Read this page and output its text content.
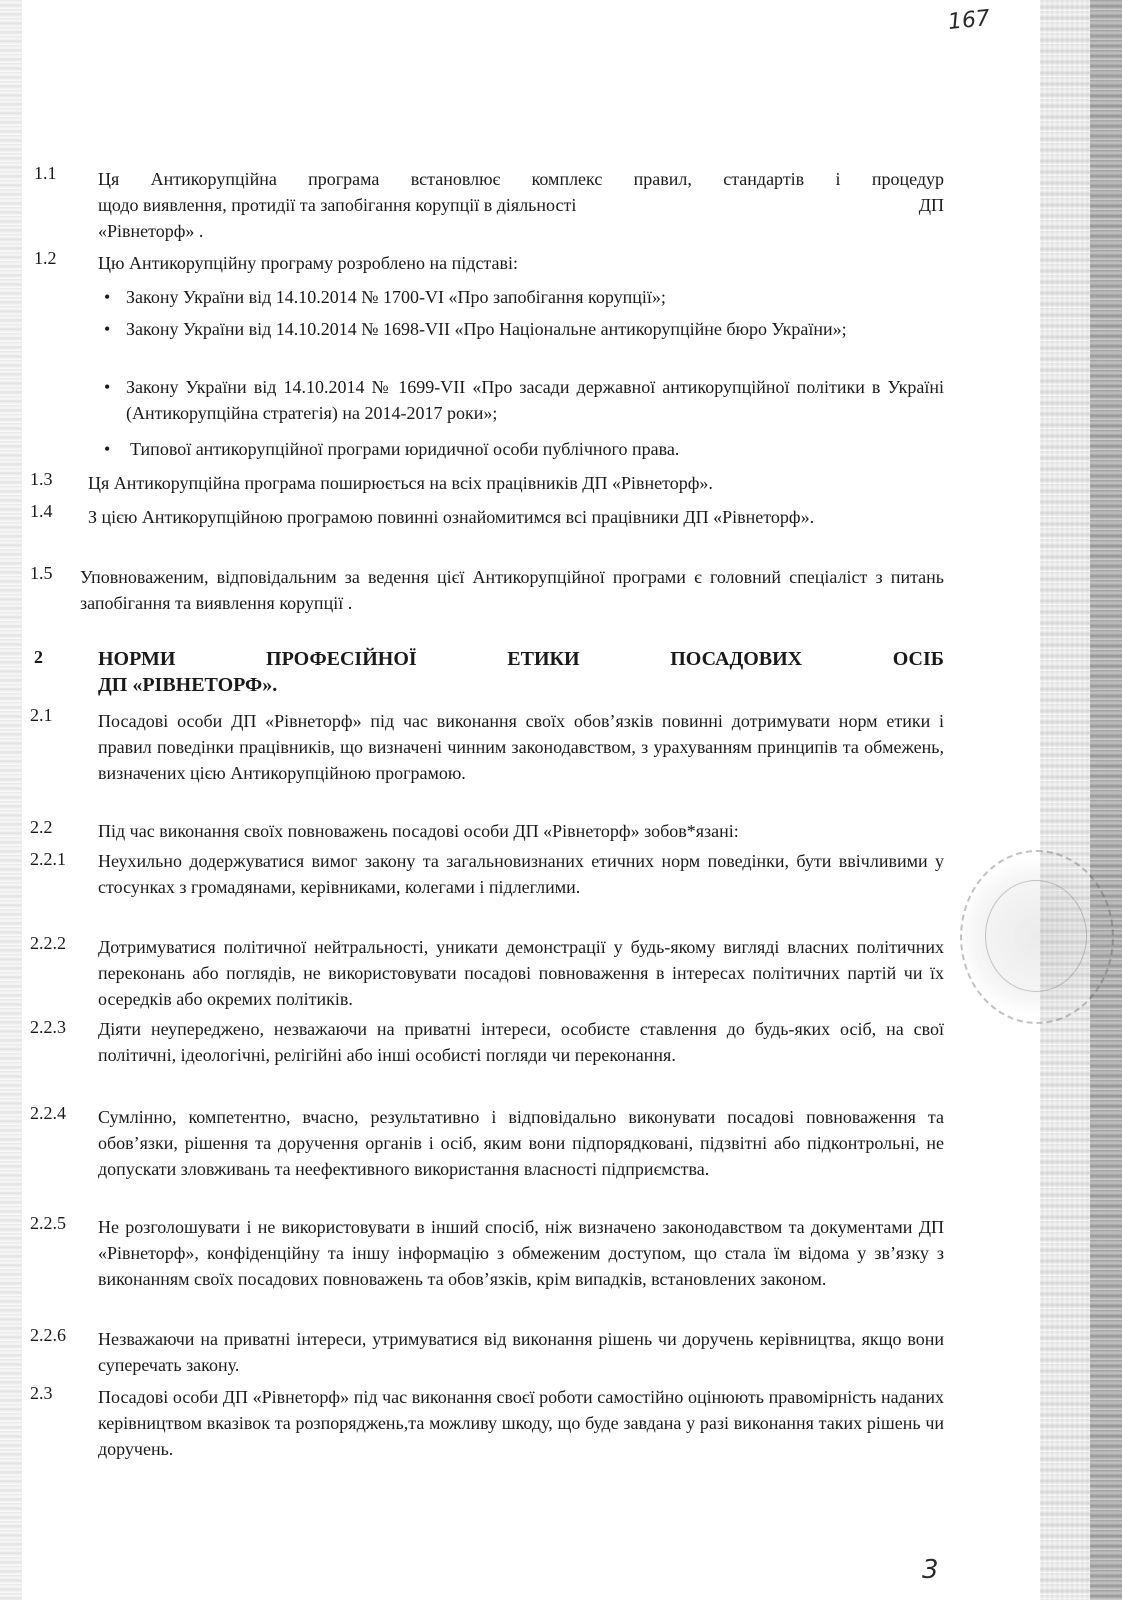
167
1.1 Ця Антикорупційна програма встановлює комплекс правил, стандартів і процедур
щодо виявлення, протидії та запобігання корупції в діяльності	ДП
«Рівнеторф» .
1.2 Цю Антикорупційну програму розроблено на підставі:
• Закону України від 14.10.2014 № 1700-VI «Про запобігання корупції»;
• Закону України від 14.10.2014 № 1698-VII «Про Національне антикорупційне бюро України»;
• Закону України від 14.10.2014 № 1699-VII «Про засади державної антикорупційної політики в Україні (Антикорупційна стратегія) на 2014-2017 роки»;
• Типової антикорупційної програми юридичної особи публічного права.
1.3 Ця Антикорупційна програма поширюється на всіх працівників ДП «Рівнеторф».
1.4 З цією Антикорупційною програмою повинні ознайомитимся всі працівники ДП «Рівнеторф».
1.5 Уповноваженим, відповідальним за ведення цієї Антикорупційної програми є головний спеціаліст з питань запобігання та виявлення корупції .
2	НОРМИ	ПРОФЕСІЙНОЇ	ЕТИКИ	ПОСАДОВИХ	ОСІБ
ДП «РІВНЕТОРФ».
2.1	Посадові особи ДП «Рівнеторф» під час виконання своїх обов’язків повинні дотримувати норм етики і правил поведінки працівників, що визначені чинним законодавством, з урахуванням принципів та обмежень, визначених цією Антикорупційною програмою.
2.2	Під час виконання своїх повноважень посадові особи ДП «Рівнеторф» зобов*язані:
2.2.1 Неухильно додержуватися вимог закону та загальновизнаних етичних норм поведінки, бути ввічливими у стосунках з громадянами, керівниками, колегами і підлеглими.
2.2.2 Дотримуватися політичної нейтральності, уникати демонстрації у будь-якому вигляді власних політичних переконань або поглядів, не використовувати посадові повноваження в інтересах політичних партій чи їх осередків або окремих політиків.
2.2.3 Діяти неупереджено, незважаючи на приватні інтереси, особисте ставлення до будь-яких осіб, на свої політичні, ідеологічні, релігійні або інші особисті погляди чи переконання.
2.2.4 Сумлінно, компетентно, вчасно, результативно і відповідально виконувати посадові повноваження та обов’язки, рішення та доручення органів і осіб, яким вони підпорядковані, підзвітні або підконтрольні, не допускати зловживань та неефективного використання власності підприємства.
2.2.5 Не розголошувати і не використовувати в інший спосіб, ніж визначено законодавством та документами ДП «Рівнеторф», конфіденційну та іншу інформацію з обмеженим доступом, що стала їм відома у зв’язку з виконанням своїх посадових повноважень та обов’язків, крім випадків, встановлених законом.
2.2.6 Незважаючи на приватні інтереси, утримуватися від виконання рішень чи доручень керівництва, якщо вони суперечать закону.
2.3	Посадові особи ДП «Рівнеторф» під час виконання своєї роботи самостійно оцінюють правомірність наданих керівництвом вказівок та розпоряджень,та можливу шкоду, що буде завдана у разі виконання таких рішень чи доручень.
3
